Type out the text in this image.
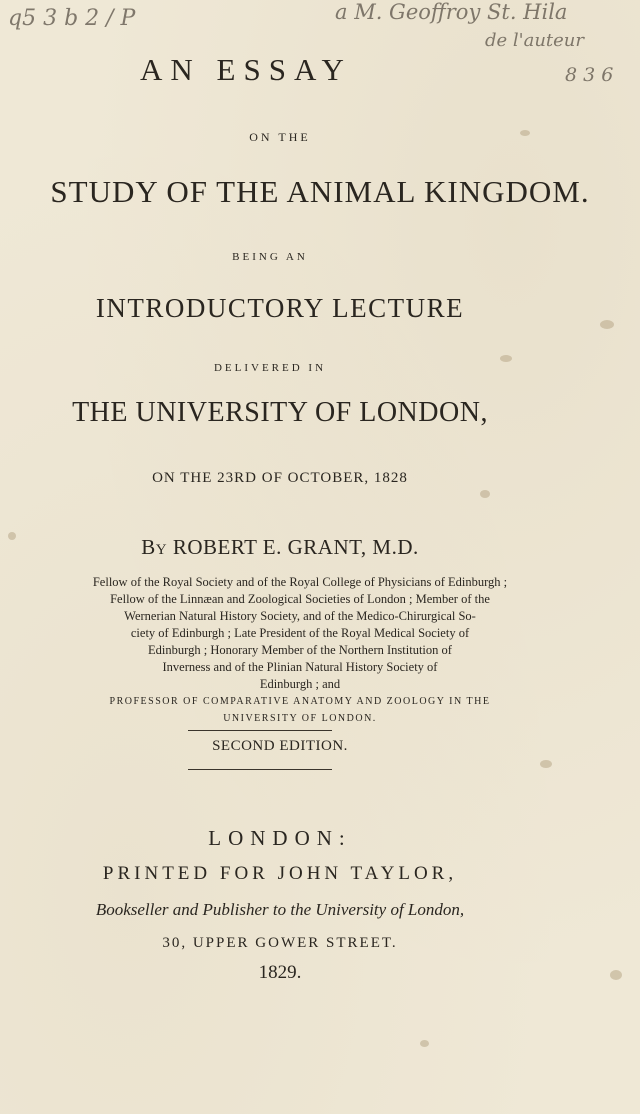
q5 3 b 2 / P	a M. Geoffroy St. Hila
de l'auteur
8 3 6
AN ESSAY
ON THE
STUDY OF THE ANIMAL KINGDOM.
BEING AN
INTRODUCTORY LECTURE
DELIVERED IN
THE UNIVERSITY OF LONDON,
ON THE 23RD OF OCTOBER, 1828
By ROBERT E. GRANT, M.D.
Fellow of the Royal Society and of the Royal College of Physicians of Edinburgh ;
Fellow of the Linnæan and Zoological Societies of London ; Member of the
Wernerian Natural History Society, and of the Medico-Chirurgical So-
ciety of Edinburgh ; Late President of the Royal Medical Society of
Edinburgh ; Honorary Member of the Northern Institution of
Inverness and of the Plinian Natural History Society of
Edinburgh ; and
PROFESSOR OF COMPARATIVE ANATOMY AND ZOOLOGY IN THE
UNIVERSITY OF LONDON.
SECOND EDITION.
LONDON:
PRINTED FOR JOHN TAYLOR,
Bookseller and Publisher to the University of London,
30, UPPER GOWER STREET.
1829.
